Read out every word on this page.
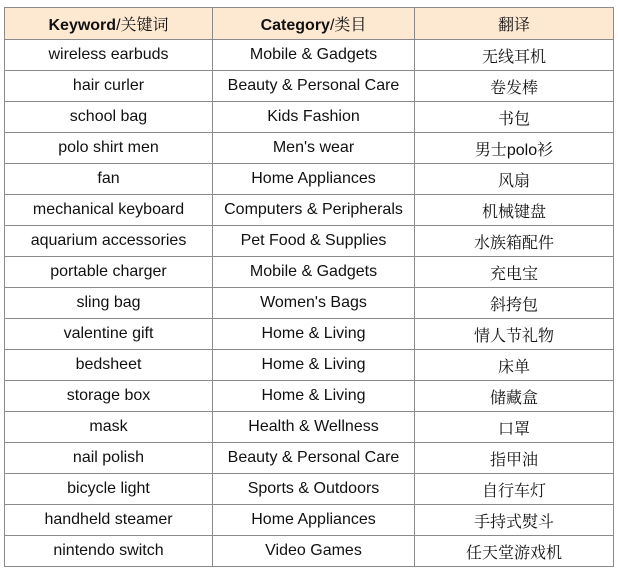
Keyword/关键词	Category/类目	翻译
wireless earbuds	Mobile & Gadgets	无线耳机
hair curler	Beauty & Personal Care	卷发棒
school bag	Kids Fashion	书包
polo shirt men	Men's wear	男士polo衫
fan	Home Appliances	风扇
mechanical keyboard	Computers & Peripherals	机械键盘
aquarium accessories	Pet Food & Supplies	水族箱配件
portable charger	Mobile & Gadgets	充电宝
sling bag	Women's Bags	斜挎包
valentine gift	Home & Living	情人节礼物
bedsheet	Home & Living	床单
storage box	Home & Living	储藏盒
mask	Health & Wellness	口罩
nail polish	Beauty & Personal Care	指甲油
bicycle light	Sports & Outdoors	自行车灯
handheld steamer	Home Appliances	手持式熨斗
nintendo switch	Video Games	任天堂游戏机
